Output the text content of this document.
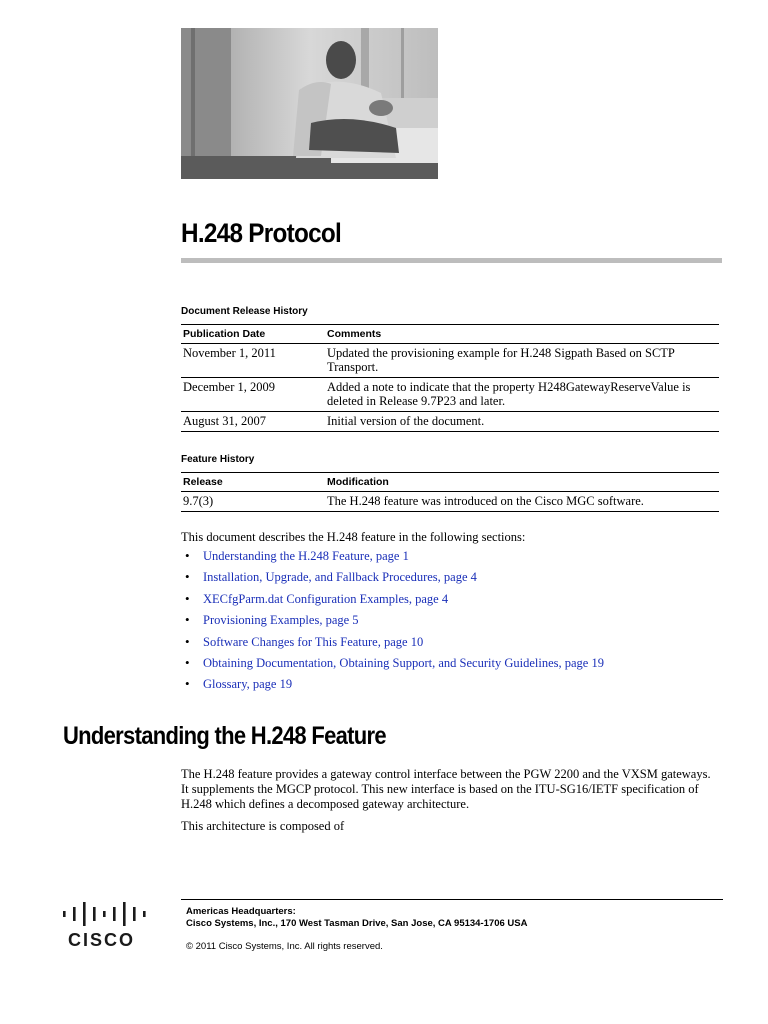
H.248 Protocol
Document Release History
Publication Date	Comments
November 1, 2011	Updated the provisioning example for H.248 Sigpath Based on SCTP Transport.
December 1, 2009	Added a note to indicate that the property H248GatewayReserveValue is deleted in Release 9.7P23 and later.
August 31, 2007	Initial version of the document.
Feature History
Release	Modification
9.7(3)	The H.248 feature was introduced on the Cisco MGC software.
This document describes the H.248 feature in the following sections:
• Understanding the H.248 Feature, page 1
• Installation, Upgrade, and Fallback Procedures, page 4
• XECfgParm.dat Configuration Examples, page 4
• Provisioning Examples, page 5
• Software Changes for This Feature, page 10
• Obtaining Documentation, Obtaining Support, and Security Guidelines, page 19
• Glossary, page 19
Understanding the H.248 Feature

The H.248 feature provides a gateway control interface between the PGW 2200 and the VXSM gateways. It supplements the MGCP protocol. This new interface is based on the ITU-SG16/IETF specification of H.248 which defines a decomposed gateway architecture.

This architecture is composed of

CISCO
Americas Headquarters:
Cisco Systems, Inc., 170 West Tasman Drive, San Jose, CA 95134-1706 USA
© 2011 Cisco Systems, Inc. All rights reserved.
